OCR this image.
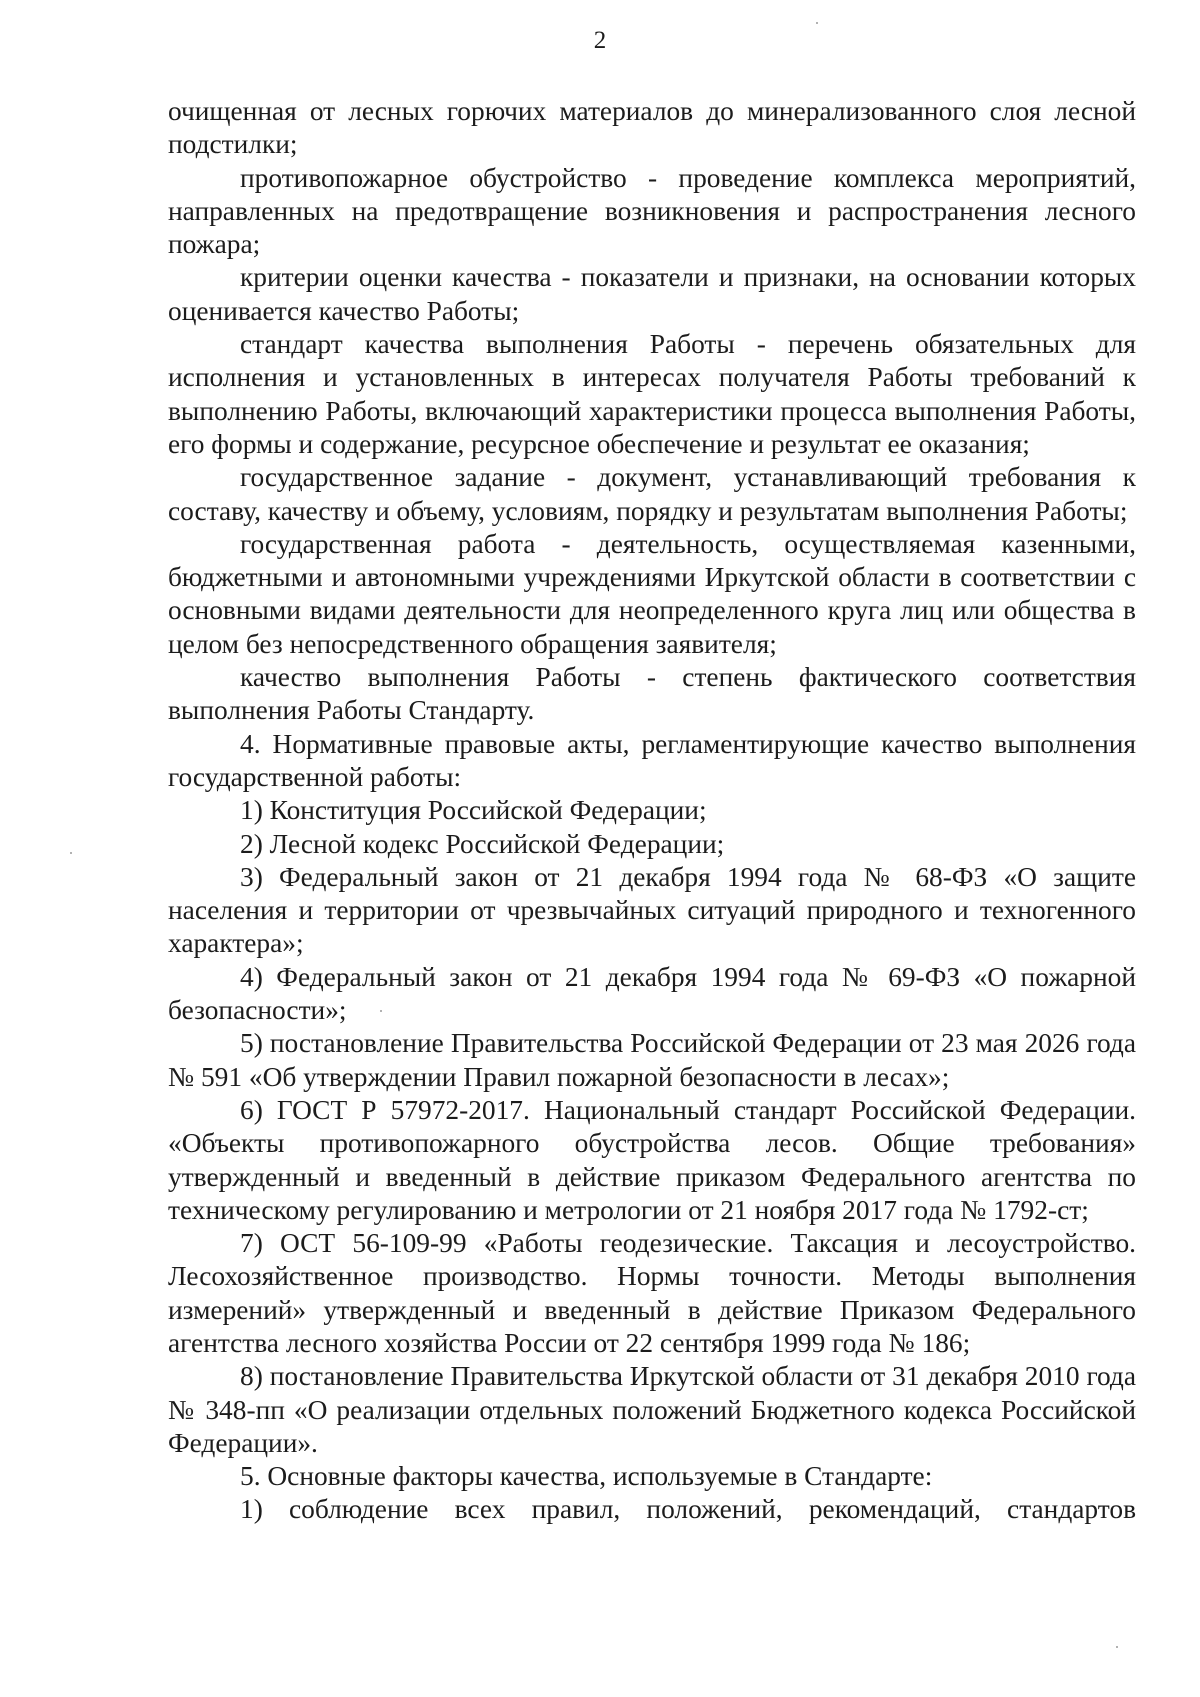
2

очищенная от лесных горючих материалов до минерализованного слоя лесной подстилки;

противопожарное обустройство - проведение комплекса мероприятий, направленных на предотвращение возникновения и распространения лесного пожара;

критерии оценки качества - показатели и признаки, на основании которых оценивается качество Работы;

стандарт качества выполнения Работы - перечень обязательных для исполнения и установленных в интересах получателя Работы требований к выполнению Работы, включающий характеристики процесса выполнения Работы, его формы и содержание, ресурсное обеспечение и результат ее оказания;

государственное задание - документ, устанавливающий требования к составу, качеству и объему, условиям, порядку и результатам выполнения Работы;

государственная работа - деятельность, осуществляемая казенными, бюджетными и автономными учреждениями Иркутской области в соответствии с основными видами деятельности для неопределенного круга лиц или общества в целом без непосредственного обращения заявителя;

качество выполнения Работы - степень фактического соответствия выполнения Работы Стандарту.

4. Нормативные правовые акты, регламентирующие качество выполнения государственной работы:

1) Конституция Российской Федерации;

2) Лесной кодекс Российской Федерации;

3) Федеральный закон от 21 декабря 1994 года № 68-ФЗ «О защите населения и территории от чрезвычайных ситуаций природного и техногенного характера»;

4) Федеральный закон от 21 декабря 1994 года № 69-ФЗ «О пожарной безопасности»;

5) постановление Правительства Российской Федерации от 23 мая 2026 года № 591 «Об утверждении Правил пожарной безопасности в лесах»;

6) ГОСТ Р 57972-2017. Национальный стандарт Российской Федерации. «Объекты противопожарного обустройства лесов. Общие требования» утвержденный и введенный в действие приказом Федерального агентства по техническому регулированию и метрологии от 21 ноября 2017 года № 1792-ст;

7) ОСТ 56-109-99 «Работы геодезические. Таксация и лесоустройство. Лесохозяйственное производство. Нормы точности. Методы выполнения измерений» утвержденный и введенный в действие Приказом Федерального агентства лесного хозяйства России от 22 сентября 1999 года № 186;

8) постановление Правительства Иркутской области от 31 декабря 2010 года № 348-пп «О реализации отдельных положений Бюджетного кодекса Российской Федерации».

5. Основные факторы качества, используемые в Стандарте:

1) соблюдение всех правил, положений, рекомендаций, стандартов
